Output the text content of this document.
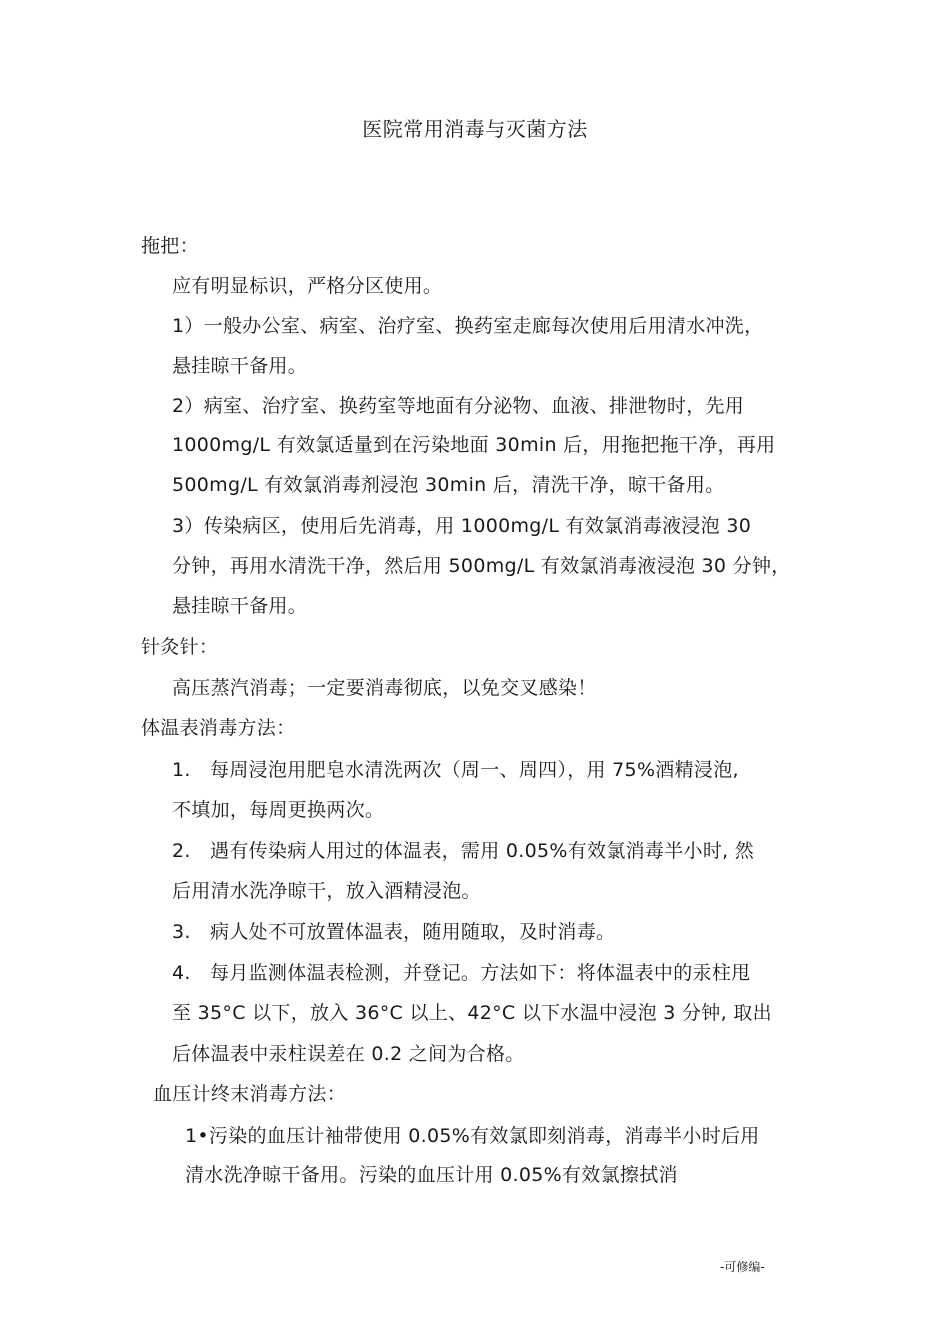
医院常用消毒与灭菌方法
拖把：
应有明显标识，严格分区使用。
1）一般办公室、病室、治疗室、换药室走廊每次使用后用清水冲洗，
悬挂晾干备用。
2）病室、治疗室、换药室等地面有分泌物、血液、排泄物时，先用
1000mg/L 有效氯适量到在污染地面 30min 后，用拖把拖干净，再用
500mg/L 有效氯消毒剂浸泡 30min 后，清洗干净，晾干备用。
3）传染病区，使用后先消毒，用 1000mg/L 有效氯消毒液浸泡 30
分钟，再用水清洗干净，然后用 500mg/L 有效氯消毒液浸泡 30 分钟，
悬挂晾干备用。
针灸针：
高压蒸汽消毒；一定要消毒彻底，以免交叉感染！
体温表消毒方法：
1.　每周浸泡用肥皂水清洗两次（周一、周四），用 75%酒精浸泡,
不填加，每周更换两次。
2.　遇有传染病人用过的体温表，需用 0.05%有效氯消毒半小时, 然
后用清水洗净晾干，放入酒精浸泡。
3.　病人处不可放置体温表，随用随取，及时消毒。
4.　每月监测体温表检测，并登记。方法如下：将体温表中的汞柱甩
至 35°C 以下，放入 36°C 以上、42°C 以下水温中浸泡 3 分钟, 取出
后体温表中汞柱误差在 0.2 之间为合格。
血压计终末消毒方法：
1•污染的血压计袖带使用 0.05%有效氯即刻消毒，消毒半小时后用
清水洗净晾干备用。污染的血压计用 0.05%有效氯擦拭消
-可修编-
